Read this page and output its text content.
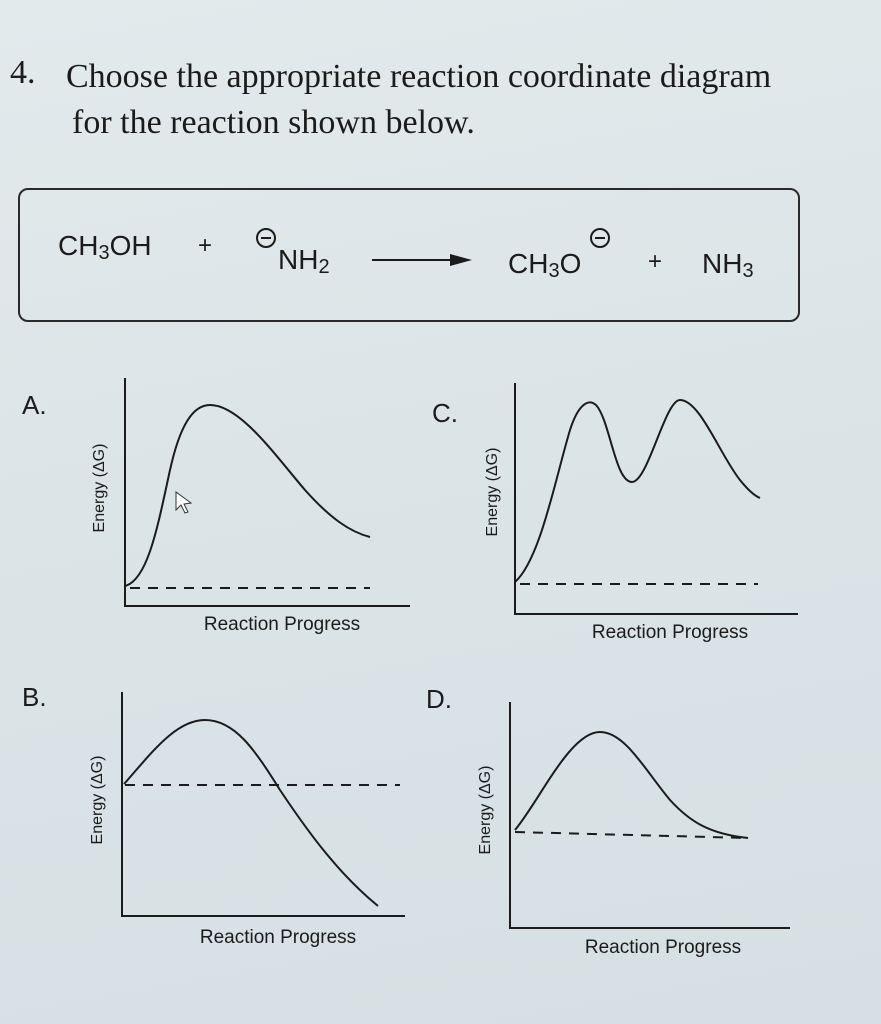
4. Choose the appropriate reaction coordinate diagram
for the reaction shown below.
$CH_3OH + NH_2$	$CH_3O$	+ $NH_3$
A.
B.
C.
D.
Energy (ΔG)
Reaction Progress
Energy (ΔG)
Reaction Progress
Energy (ΔG)
Reaction Progress
Energy (ΔG)
Reaction Progress
